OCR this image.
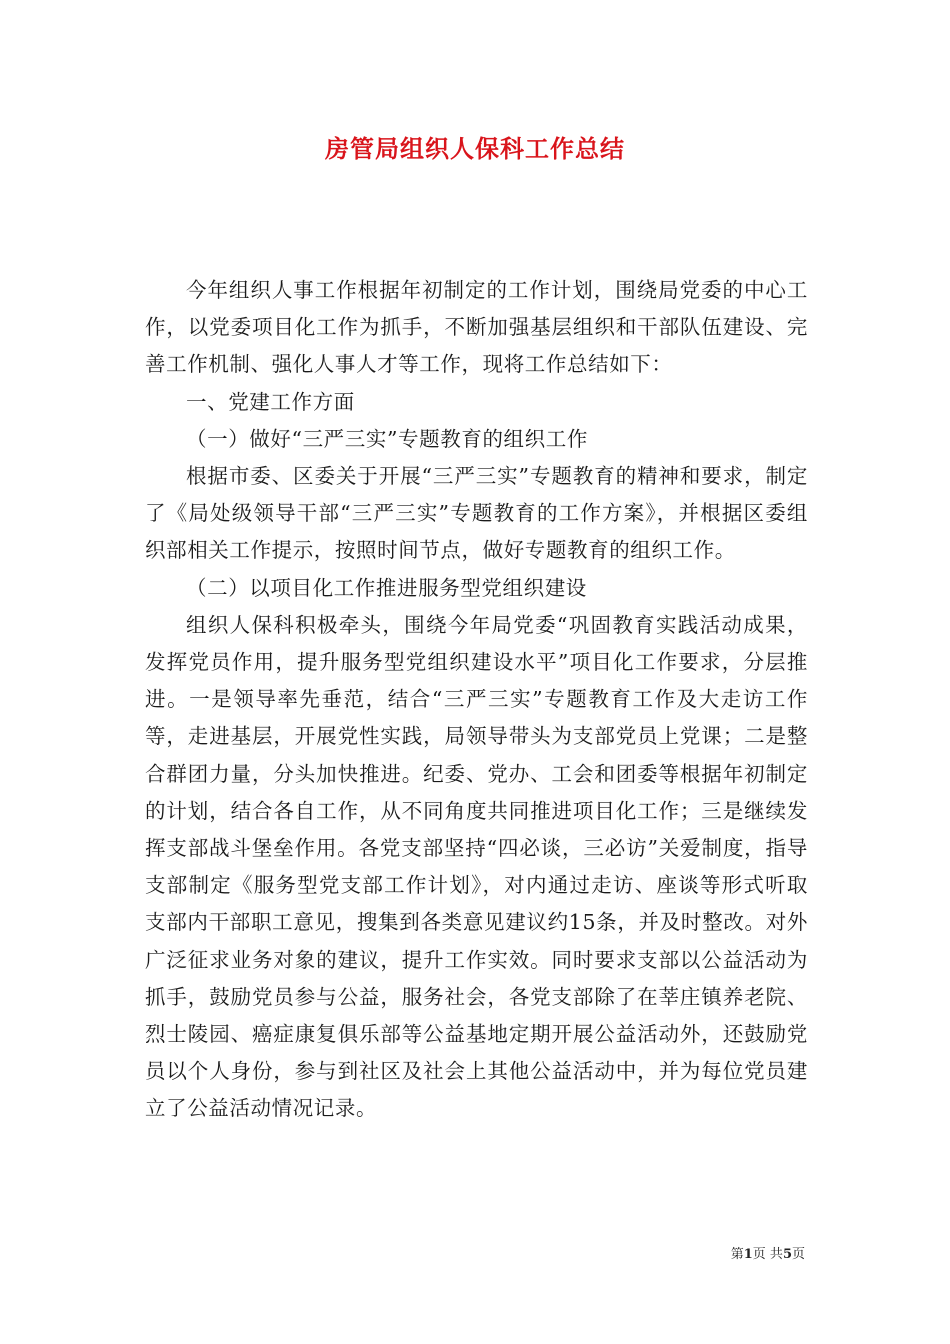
房管局组织人保科工作总结

今年组织人事工作根据年初制定的工作计划，围绕局党委的中心工作，以党委项目化工作为抓手，不断加强基层组织和干部队伍建设、完善工作机制、强化人事人才等工作，现将工作总结如下：

一、党建工作方面

（一）做好“三严三实”专题教育的组织工作

根据市委、区委关于开展“三严三实”专题教育的精神和要求，制定了《局处级领导干部“三严三实”专题教育的工作方案》，并根据区委组织部相关工作提示，按照时间节点，做好专题教育的组织工作。

（二）以项目化工作推进服务型党组织建设

组织人保科积极牵头，围绕今年局党委“巩固教育实践活动成果，发挥党员作用，提升服务型党组织建设水平”项目化工作要求，分层推进。一是领导率先垂范，结合“三严三实”专题教育工作及大走访工作等，走进基层，开展党性实践，局领导带头为支部党员上党课；二是整合群团力量，分头加快推进。纪委、党办、工会和团委等根据年初制定的计划，结合各自工作，从不同角度共同推进项目化工作；三是继续发挥支部战斗堡垒作用。各党支部坚持“四必谈，三必访”关爱制度，指导支部制定《服务型党支部工作计划》，对内通过走访、座谈等形式听取支部内干部职工意见，搜集到各类意见建议约15条，并及时整改。对外广泛征求业务对象的建议，提升工作实效。同时要求支部以公益活动为抓手，鼓励党员参与公益，服务社会，各党支部除了在莘庄镇养老院、烈士陵园、癌症康复俱乐部等公益基地定期开展公益活动外，还鼓励党员以个人身份，参与到社区及社会上其他公益活动中，并为每位党员建立了公益活动情况记录。

第1页 共5页
